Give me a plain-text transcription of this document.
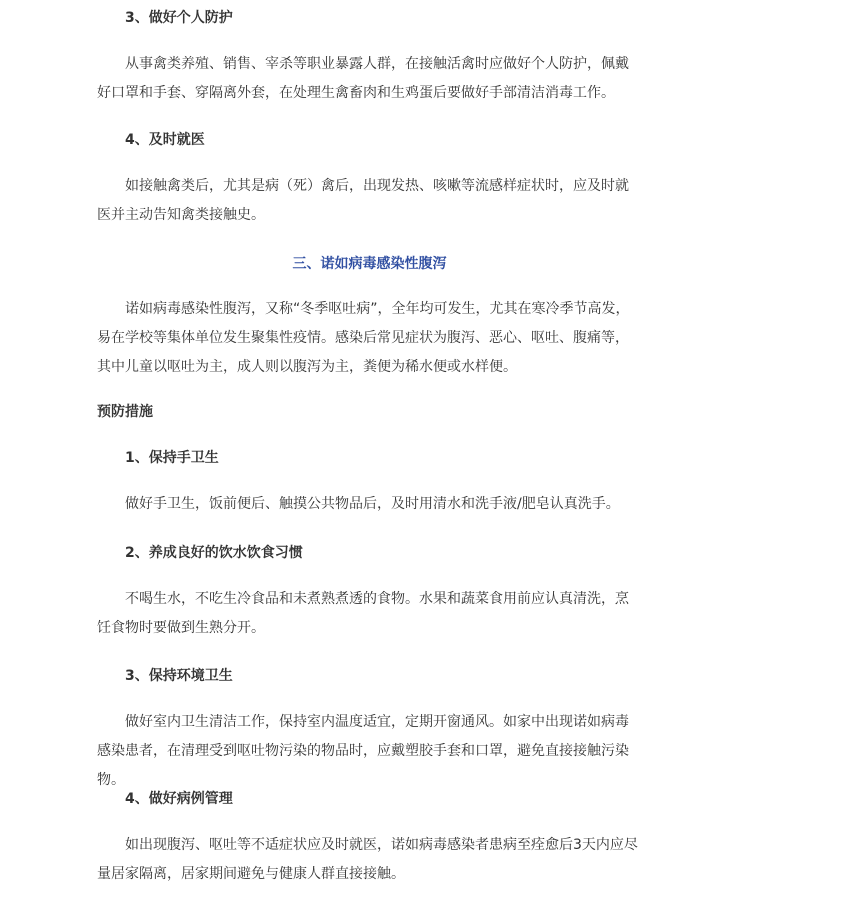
3、做好个人防护

从事禽类养殖、销售、宰杀等职业暴露人群，在接触活禽时应做好个人防护，佩戴好口罩和手套、穿隔离外套，在处理生禽畜肉和生鸡蛋后要做好手部清洁消毒工作。

4、及时就医

如接触禽类后，尤其是病（死）禽后，出现发热、咳嗽等流感样症状时，应及时就医并主动告知禽类接触史。

三、诺如病毒感染性腹泻

诺如病毒感染性腹泻，又称“冬季呕吐病”，全年均可发生，尤其在寒冷季节高发，易在学校等集体单位发生聚集性疫情。感染后常见症状为腹泻、恶心、呕吐、腹痛等，其中儿童以呕吐为主，成人则以腹泻为主，粪便为稀水便或水样便。

预防措施

1、保持手卫生

做好手卫生，饭前便后、触摸公共物品后，及时用清水和洗手液/肥皂认真洗手。

2、养成良好的饮水饮食习惯

不喝生水，不吃生冷食品和未煮熟煮透的食物。水果和蔬菜食用前应认真清洗，烹饪食物时要做到生熟分开。

3、保持环境卫生

做好室内卫生清洁工作，保持室内温度适宜，定期开窗通风。如家中出现诺如病毒感染患者，在清理受到呕吐物污染的物品时，应戴塑胶手套和口罩，避免直接接触污染物。

4、做好病例管理

如出现腹泻、呕吐等不适症状应及时就医，诺如病毒感染者患病至痊愈后3天内应尽量居家隔离，居家期间避免与健康人群直接接触。
